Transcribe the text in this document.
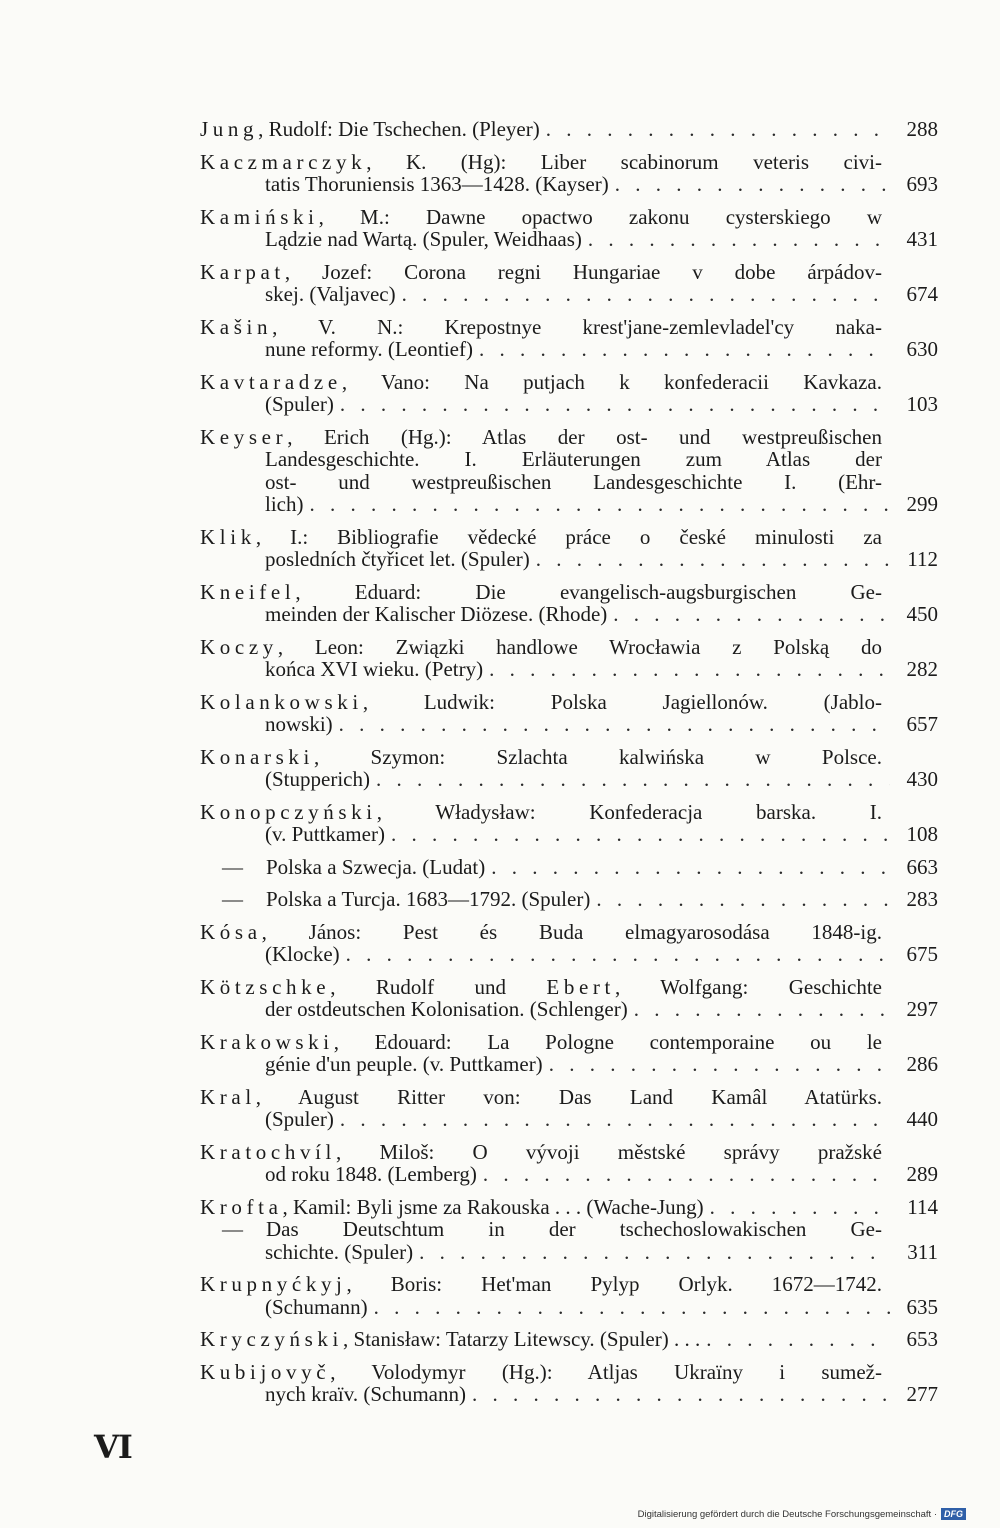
Jung, Rudolf: Die Tschechen. (Pleyer) . . .	288
Kaczmarczyk, K. (Hg): Liber scabinorum veteris civi-
tatis Thoruniensis 1363—1428. (Kayser) . . .	693
Kamiński, M.: Dawne opactwo zakonu cysterskiego w
Lądzie nad Wartą. (Spuler, Weidhaas) . . .	431
Karpat, Jozef: Corona regni Hungariae v dobe árpádov-
skej. (Valjavec) . . .	674
Kašin, V. N.: Krepostnye krest'jane-zemlevladel'cy naka-
nune reformy. (Leontief) . . .	630
Kavtaradze, Vano: Na putjach k konfederacii Kavkaza.
(Spuler) . . .	103
Keyser, Erich (Hg.): Atlas der ost- und westpreußischen
Landesgeschichte. I. Erläuterungen zum Atlas der
ost- und westpreußischen Landesgeschichte I. (Ehr-
lich) . . .	299
Klik, I.: Bibliografie vědecké práce o české minulosti za
posledních čtyřicet let. (Spuler) . . .	112
Kneifel, Eduard: Die evangelisch-augsburgischen Ge-
meinden der Kalischer Diözese. (Rhode) . . .	450
Koczy, Leon: Związki handlowe Wrocławia z Polską do
końca XVI wieku. (Petry) . . .	282
Kolankowski, Ludwik: Polska Jagiellonów. (Jablo-
nowski) . . .	657
Konarski, Szymon: Szlachta kalwińska w Polsce.
(Stupperich) . . .	430
Konopczyński, Władysław: Konfederacja barska. I.
(v. Puttkamer) . . .	108
— Polska a Szwecja. (Ludat) . . .	663
— Polska a Turcja. 1683—1792. (Spuler) . . .	283
Kósa, János: Pest és Buda elmagyarosodása 1848-ig.
(Klocke) . . .	675
Kötzschke, Rudolf und Ebert, Wolfgang: Geschichte
der ostdeutschen Kolonisation. (Schlenger) . . .	297
Krakowski, Edouard: La Pologne contemporaine ou le
génie d'un peuple. (v. Puttkamer) . . .	286
Kral, August Ritter von: Das Land Kamâl Atatürks.
(Spuler) . . .	440
Kratochvíl, Miloš: O vývoji městské správy pražské
od roku 1848. (Lemberg) . . .	289
Krofta, Kamil: Byli jsme za Rakouska . . . (Wache-Jung) . . .	114
— Das Deutschtum in der tschechoslowakischen Ge-
schichte. (Spuler) . . .	311
Krupnyćkyj, Boris: Het'man Pylyp Orlyk. 1672—1742.
(Schumann) . . .	635
Kryczyński, Stanisław: Tatarzy Litewscy. (Spuler) . . . . . .	653
Kubijovyč, Volodymyr (Hg.): Atljas Ukraïny i sumež-
nych kraïv. (Schumann) . . .	277
VI
Digitalisierung gefördert durch die Deutsche Forschungsgemeinschaft · DFG
